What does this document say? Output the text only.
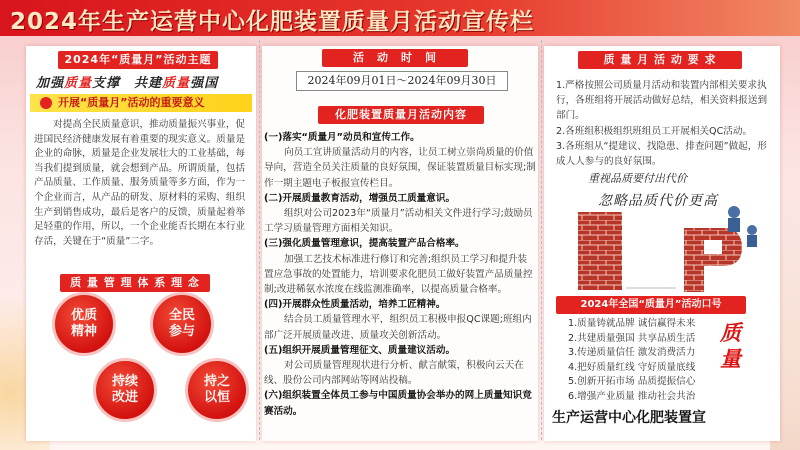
2024年生产运营中心化肥装置质量月活动宣传栏
2024年“质量月”活动主题
加强质量支撑　共建质量强国
开展“质量月”活动的重要意义
　　对提高全民质量意识，推动质量振兴事业，促进国民经济健康发展有着重要的现实意义。质量是企业的命脉，质量是企业发展壮大的工业基础，每当我们提到质量，就会想到产品。所谓质量，包括产品质量、工作质量、服务质量等多方面，作为一个企业而言，从产品的研发、原材料的采购、组织生产到销售成功，最后是客户的反馈，质量起着举足轻重的作用，所以，一个企业能否长期在本行业存活，关键在于“质量”二字。
质 量 管 理 体 系 理 念
优质
精神
全民
参与
持续
改进
持之
以恒
活　动　时　间
2024年09月01日～2024年09月30日
化肥装置质量月活动内容
(一)落实“质量月”动员和宣传工作。
向员工宣讲质量活动月的内容，让员工树立崇尚质量的价值导向，营造全员关注质量的良好氛围，保证装置质量目标实现;制作一期主题电子板报宣传栏目。
(二)开展质量教育活动，增强员工质量意识。
组织对公司2023年“质量月”活动相关文件进行学习;鼓励员工学习质量管理方面相关知识。
(三)强化质量管理意识，提高装置产品合格率。
加强工艺技术标准进行修订和完善;组织员工学习和提升装置应急事故的处置能力，培训要求化肥员工做好装置产品质量控制;改进稀氨水浓度在线监测准确率，以提高质量合格率。
(四)开展群众性质量活动，培养工匠精神。
结合员工质量管理水平，组织员工积极申报QC课题;班组内部广泛开展质量改进、质量攻关创新活动。
(五)组织开展质量管理征文、质量建议活动。
对公司质量管理现状进行分析、献言献策，积极向云天在线、股份公司内部网站等网站投稿。
(六)组织装置全体员工参与中国质量协会举办的网上质量知识竞赛活动。
质 量 月 活 动 要 求
1.严格按照公司质量月活动和装置内部相关要求执行，各班组将开展活动做好总结，相关资料报送到部门。
2.各班组积极组织班组员工开展相关QC活动。
3.各班组从“提建议、找隐患、排查问题”做起，形成人人参与的良好氛围。
重视品质要付出代价
忽略品质代价更高
2024年全国“质量月”活动口号
1.质量铸就品牌 诚信赢得未来
2.共建质量强国 共享品质生活
3.传递质量信任 激发消费活力
4.把好质量红线 守好质量底线
5.创新开拓市场 品质提振信心
6.增强产业质量 推动社会共治
质量
生产运营中心化肥装置宣
